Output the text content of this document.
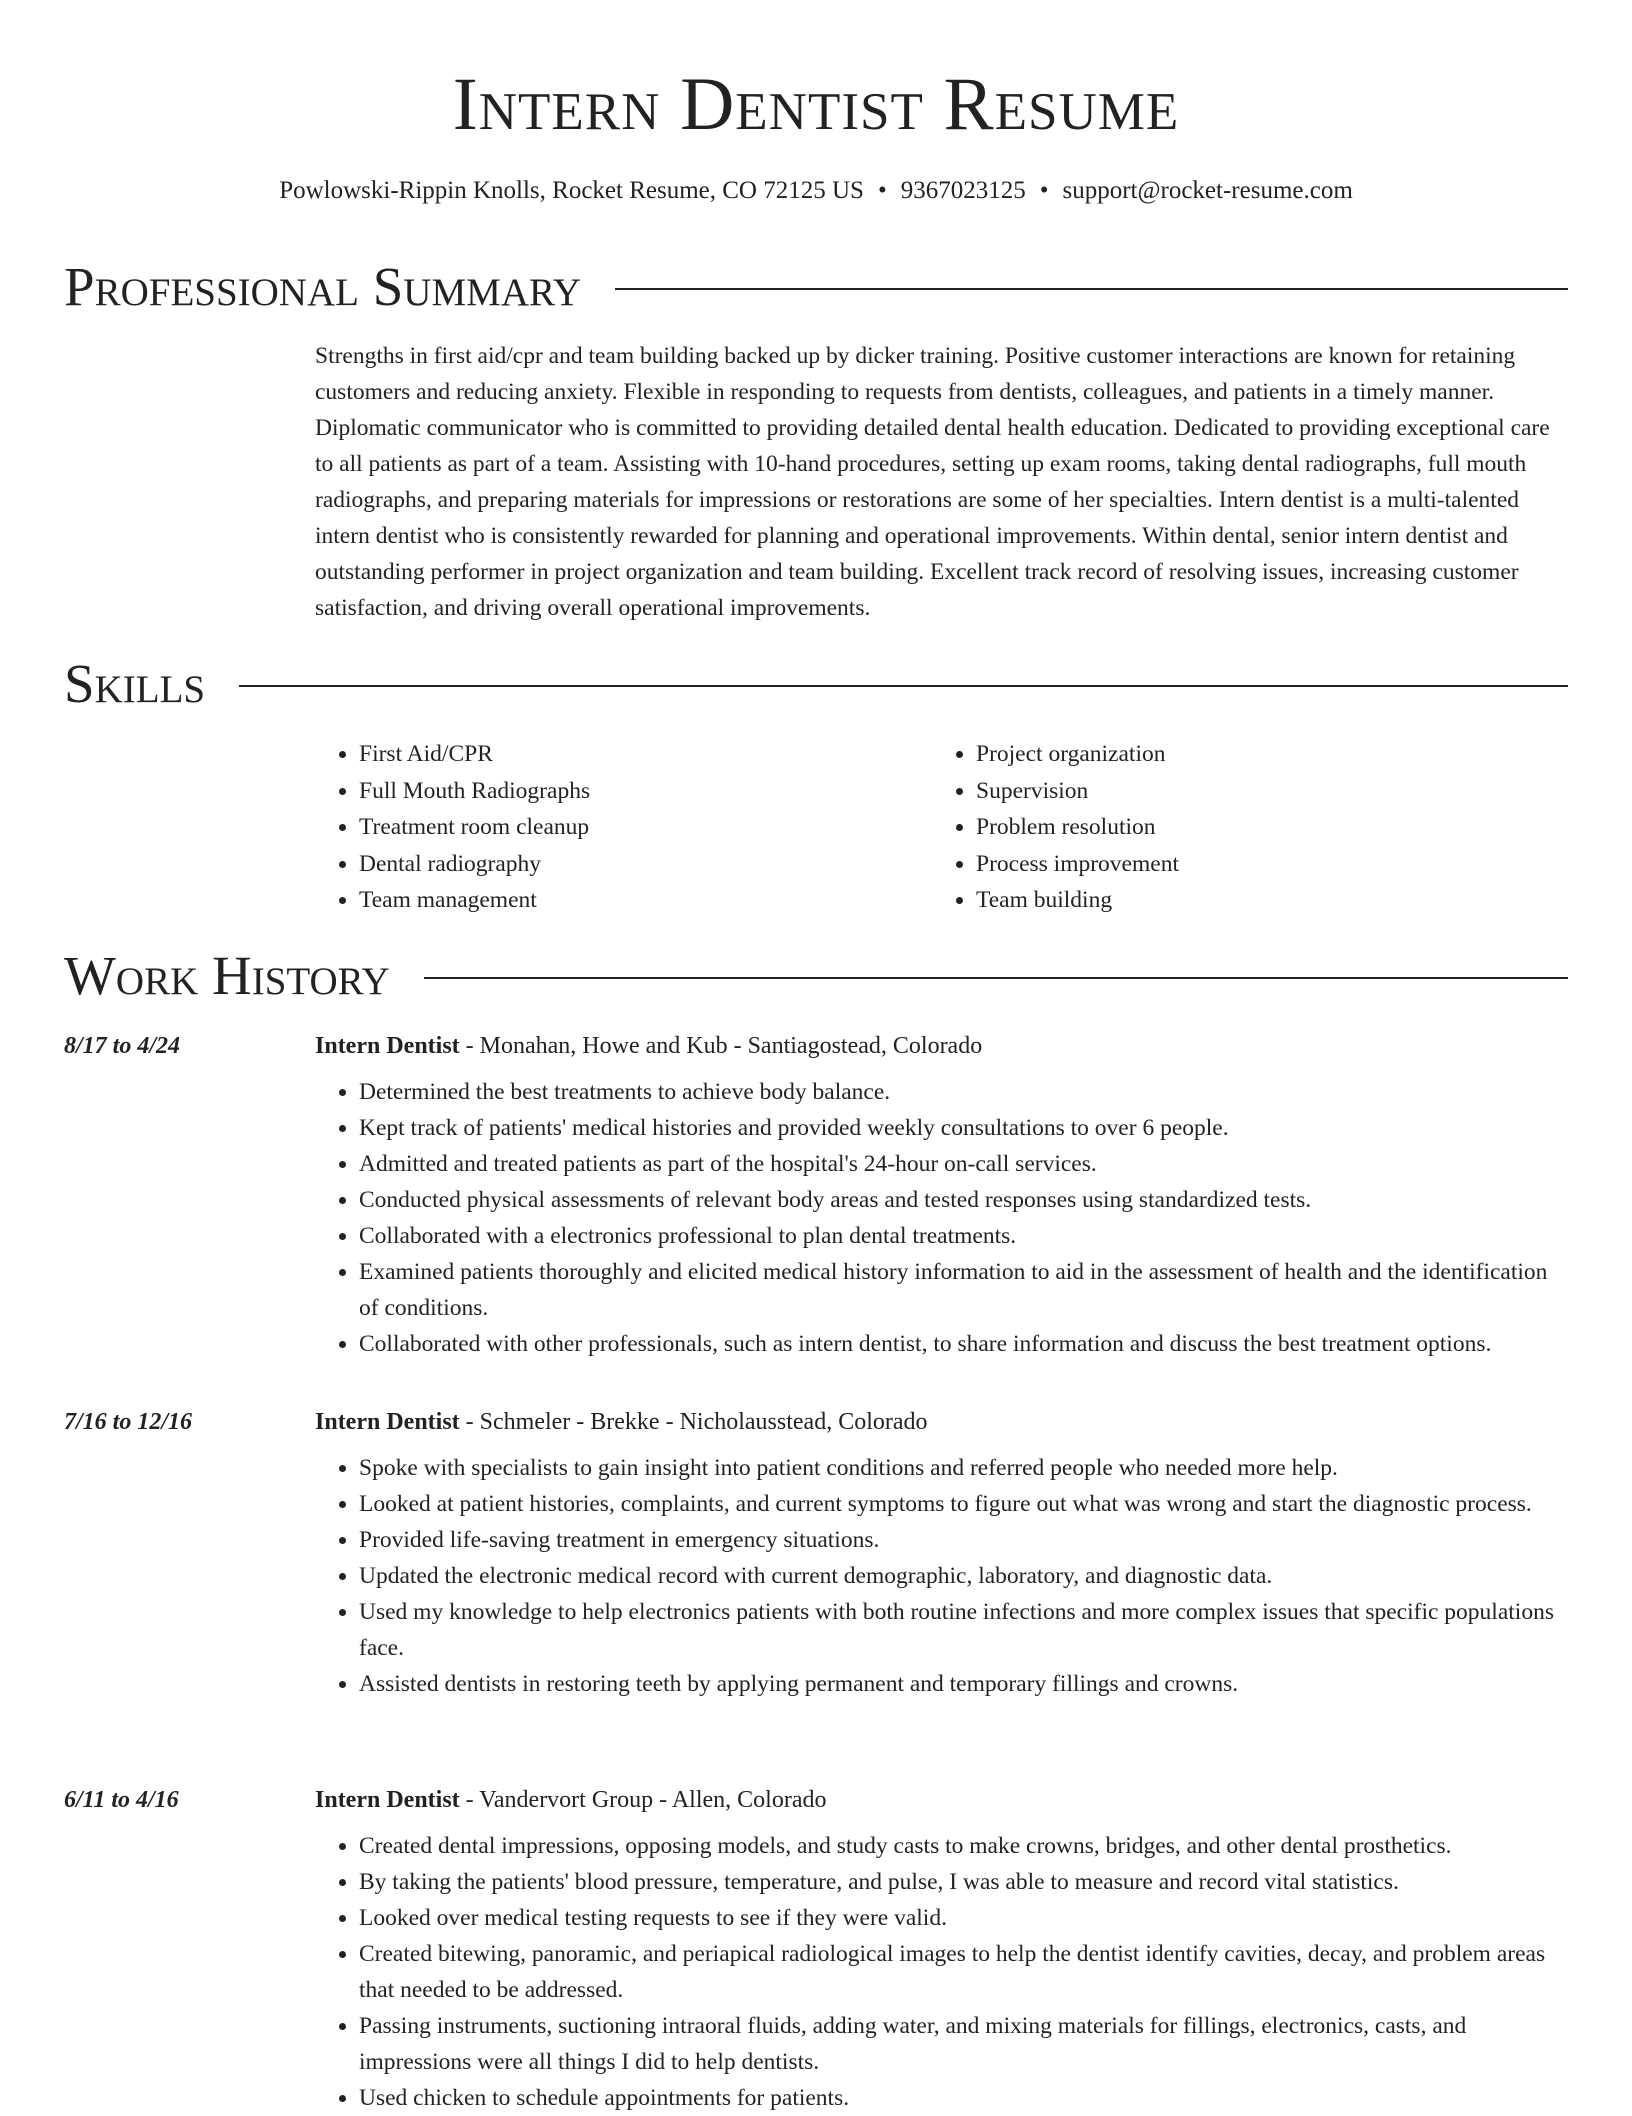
Intern Dentist Resume
Powlowski-Rippin Knolls, Rocket Resume, CO 72125 US • 9367023125 • support@rocket-resume.com
Professional Summary

Strengths in first aid/cpr and team building backed up by dicker training. Positive customer interactions are known for retaining customers and reducing anxiety. Flexible in responding to requests from dentists, colleagues, and patients in a timely manner. Diplomatic communicator who is committed to providing detailed dental health education. Dedicated to providing exceptional care to all patients as part of a team. Assisting with 10-hand procedures, setting up exam rooms, taking dental radiographs, full mouth radiographs, and preparing materials for impressions or restorations are some of her specialties. Intern dentist is a multi-talented intern dentist who is consistently rewarded for planning and operational improvements. Within dental, senior intern dentist and outstanding performer in project organization and team building. Excellent track record of resolving issues, increasing customer satisfaction, and driving overall operational improvements.

Skills
• First Aid/CPR
• Full Mouth Radiographs
• Treatment room cleanup
• Dental radiography
• Team management
• Project organization
• Supervision
• Problem resolution
• Process improvement
• Team building
Work History
8/17 to 4/24	Intern Dentist - Monahan, Howe and Kub - Santiagostead, Colorado
• Determined the best treatments to achieve body balance.
• Kept track of patients' medical histories and provided weekly consultations to over 6 people.
• Admitted and treated patients as part of the hospital's 24-hour on-call services.
• Conducted physical assessments of relevant body areas and tested responses using standardized tests.
• Collaborated with a electronics professional to plan dental treatments.
• Examined patients thoroughly and elicited medical history information to aid in the assessment of health and the identification of conditions.
• Collaborated with other professionals, such as intern dentist, to share information and discuss the best treatment options.
7/16 to 12/16	Intern Dentist - Schmeler - Brekke - Nicholausstead, Colorado
• Spoke with specialists to gain insight into patient conditions and referred people who needed more help.
• Looked at patient histories, complaints, and current symptoms to figure out what was wrong and start the diagnostic process.
• Provided life-saving treatment in emergency situations.
• Updated the electronic medical record with current demographic, laboratory, and diagnostic data.
• Used my knowledge to help electronics patients with both routine infections and more complex issues that specific populations face.
• Assisted dentists in restoring teeth by applying permanent and temporary fillings and crowns.
6/11 to 4/16	Intern Dentist - Vandervort Group - Allen, Colorado
• Created dental impressions, opposing models, and study casts to make crowns, bridges, and other dental prosthetics.
• By taking the patients' blood pressure, temperature, and pulse, I was able to measure and record vital statistics.
• Looked over medical testing requests to see if they were valid.
• Created bitewing, panoramic, and periapical radiological images to help the dentist identify cavities, decay, and problem areas that needed to be addressed.
• Passing instruments, suctioning intraoral fluids, adding water, and mixing materials for fillings, electronics, casts, and impressions were all things I did to help dentists.
• Used chicken to schedule appointments for patients.
